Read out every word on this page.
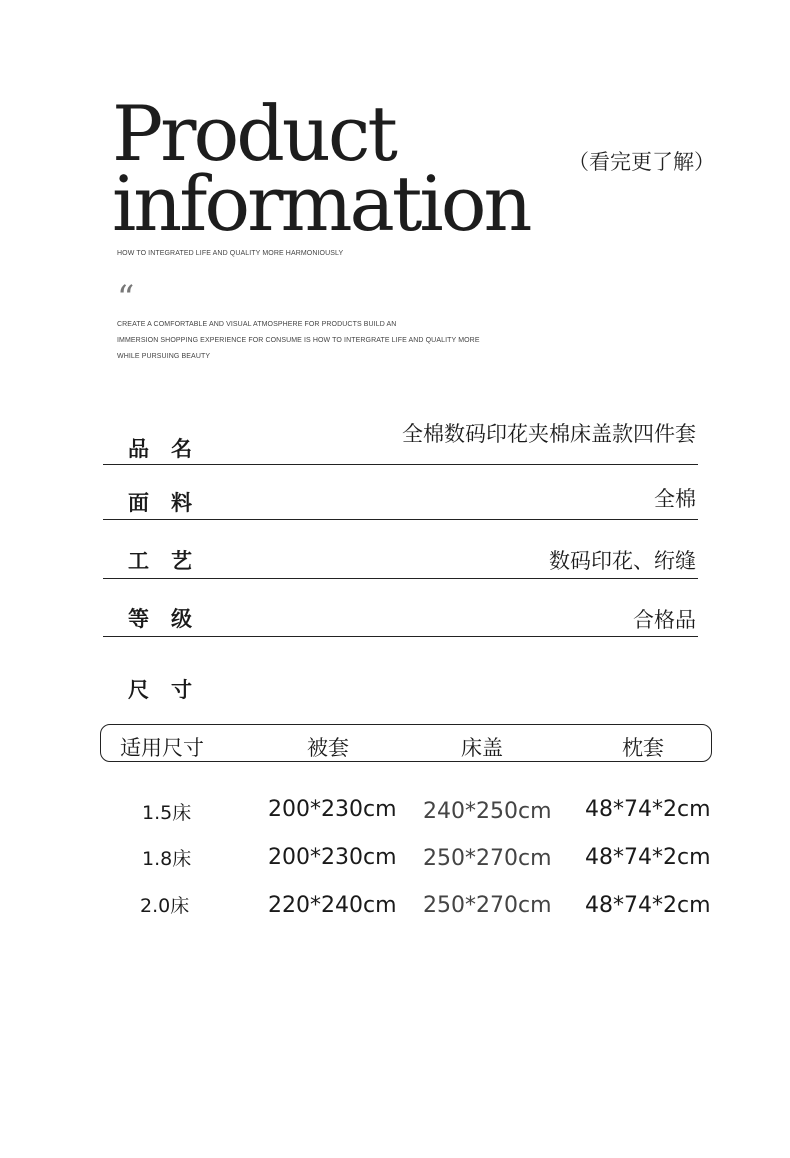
Product
information （看完更了解）
HOW TO INTEGRATED LIFE AND QUALITY MORE HARMONIOUSLY
“
CREATE A COMFORTABLE AND VISUAL ATMOSPHERE FOR PRODUCTS BUILD AN
IMMERSION SHOPPING EXPERIENCE FOR CONSUME IS HOW TO INTERGRATE LIFE AND QUALITY MORE
WHILE PURSUING BEAUTY
品名
全棉数码印花夹棉床盖款四件套
面料	全棉
工艺	数码印花、绗缝
等级	合格品
尺寸
适用尺寸	被套	床盖	枕套
1.5床	200*230cm 240*250cm 48*74*2cm
1.8床	200*230cm 250*270cm 48*74*2cm
2.0床	220*240cm 250*270cm 48*74*2cm
